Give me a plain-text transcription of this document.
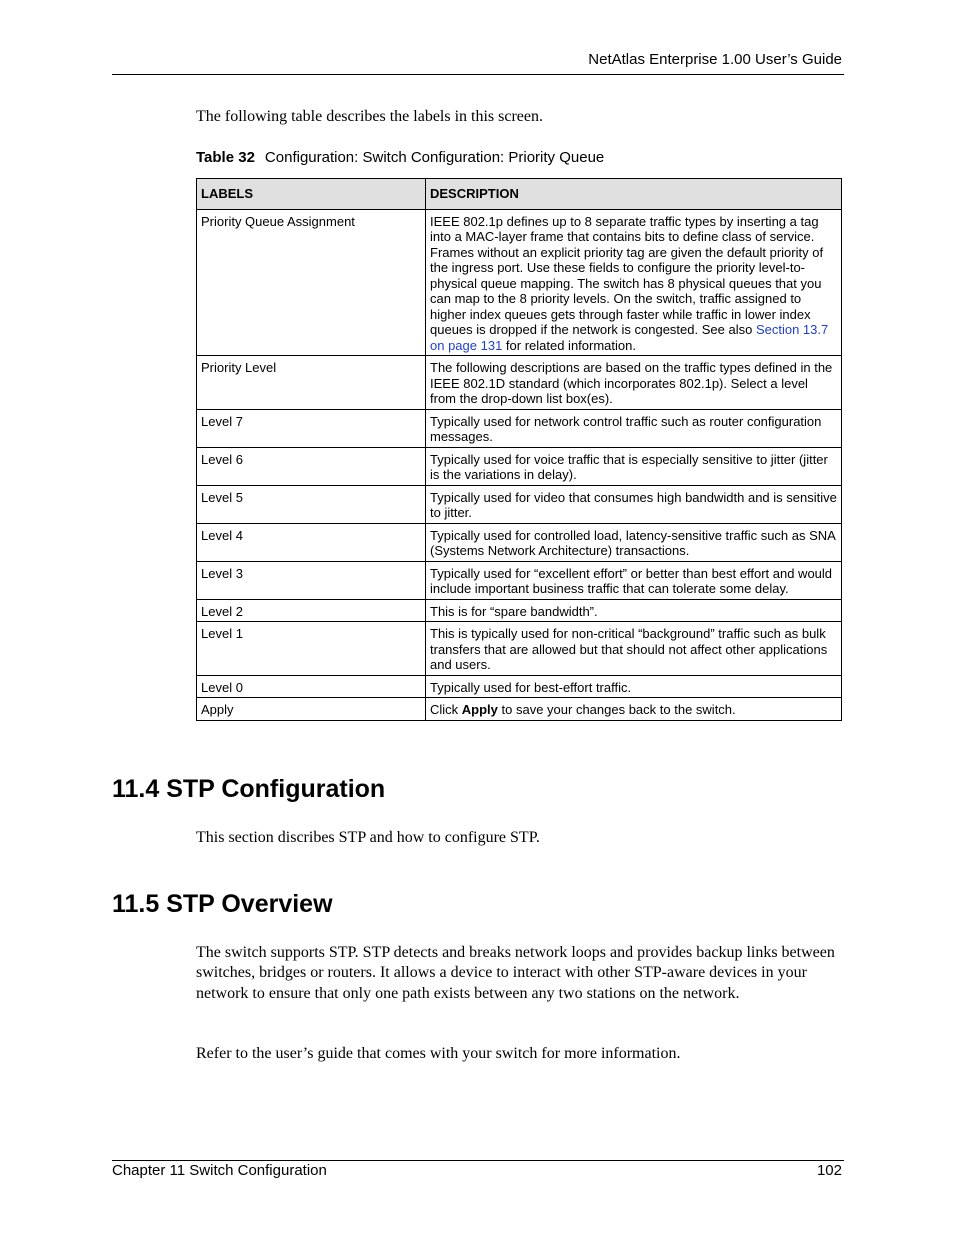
NetAtlas Enterprise 1.00 User’s Guide
The following table describes the labels in this screen.
Table 32 Configuration: Switch Configuration: Priority Queue
LABELS	DESCRIPTION
Priority Queue Assignment	IEEE 802.1p defines up to 8 separate traffic types by inserting a tag into a MAC-layer frame that contains bits to define class of service. Frames without an explicit priority tag are given the default priority of the ingress port. Use these fields to configure the priority level-to-physical queue mapping. The switch has 8 physical queues that you can map to the 8 priority levels. On the switch, traffic assigned to higher index queues gets through faster while traffic in lower index queues is dropped if the network is congested. See also Section 13.7 on page 131 for related information.
Priority Level	The following descriptions are based on the traffic types defined in the IEEE 802.1D standard (which incorporates 802.1p). Select a level from the drop-down list box(es).
Level 7	Typically used for network control traffic such as router configuration messages.
Level 6	Typically used for voice traffic that is especially sensitive to jitter (jitter is the variations in delay).
Level 5	Typically used for video that consumes high bandwidth and is sensitive to jitter.
Level 4	Typically used for controlled load, latency-sensitive traffic such as SNA (Systems Network Architecture) transactions.
Level 3	Typically used for “excellent effort” or better than best effort and would include important business traffic that can tolerate some delay.
Level 2	This is for “spare bandwidth”.
Level 1	This is typically used for non-critical “background” traffic such as bulk transfers that are allowed but that should not affect other applications and users.
Level 0	Typically used for best-effort traffic.
Apply	Click Apply to save your changes back to the switch.
11.4 STP Configuration

This section discribes STP and how to configure STP.

11.5 STP Overview

The switch supports STP. STP detects and breaks network loops and provides backup links between switches, bridges or routers. It allows a device to interact with other STP-aware devices in your network to ensure that only one path exists between any two stations on the network.

Refer to the user’s guide that comes with your switch for more information.

Chapter 11 Switch Configuration	102
